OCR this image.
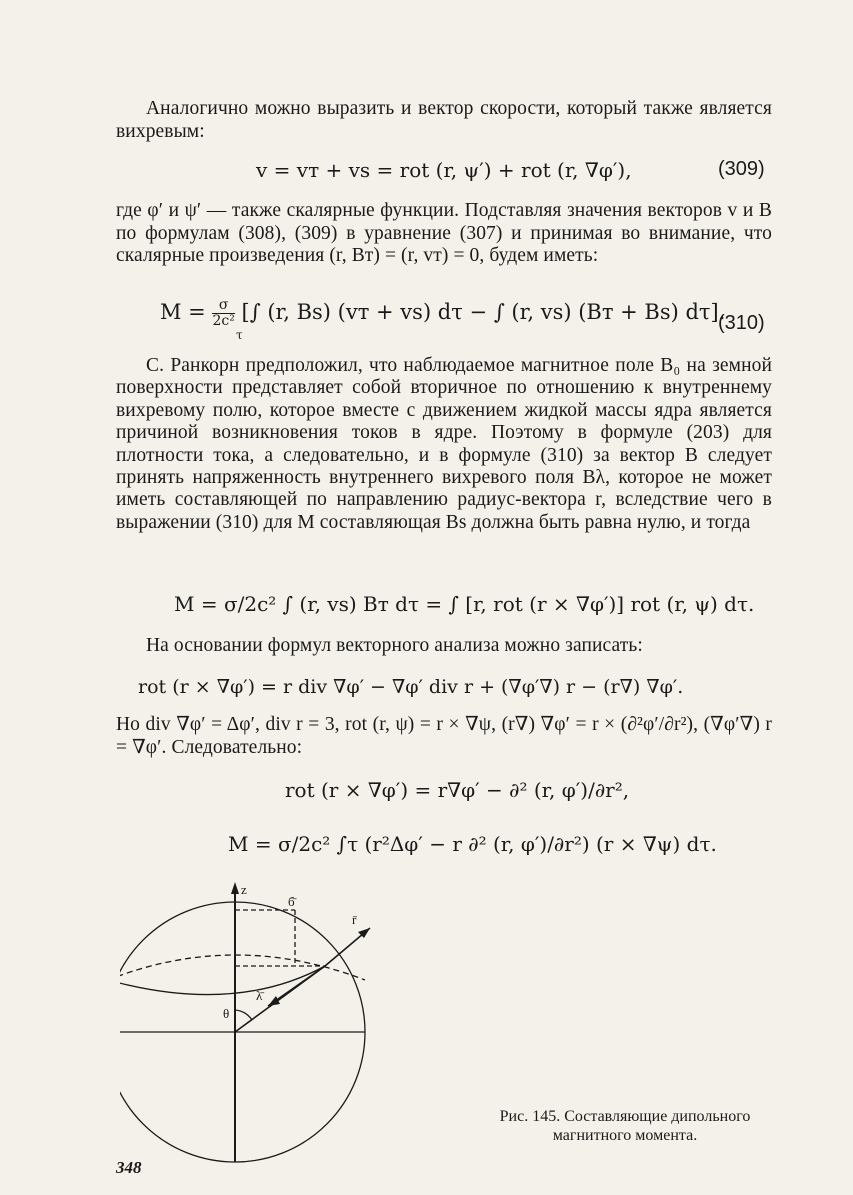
Аналогично можно выразить и вектор скорости, который также является вихревым:

v = vт + vs = rot (r, ψ′) + rot (r, ∇φ′),	(309)

где φ′ и ψ′ — также скалярные функции. Подставляя значения векторов v и B по формулам (308), (309) в уравнение (307) и принимая во внимание, что скалярные произведения (r, Bт) = (r, vт) = 0, будем иметь:

$M = \frac{\sigma}{\text{2c²}}$ [∫ (r, Bs) (vт + vs) dτ − ∫ (r, vs) (Bт + Bs) dτ].
τ
(310)

С. Ранкорн предположил, что наблюдаемое магнитное поле B₀ на земной поверхности представляет собой вторичное по отношению к внутреннему вихревому полю, которое вместе с движением жидкой массы ядра является причиной возникновения токов в ядре. Поэтому в формуле (203) для плотности тока, а следовательно, и в формуле (310) за вектор B следует принять напряженность внутреннего вихревого поля Bλ, которое не может иметь составляющей по направлению радиус-вектора r, вследствие чего в выражении (310) для M составляющая Bs должна быть равна нулю, и тогда

M = σ/2c² ∫ (r, vs) Bт dτ = ∫ [r, rot (r × ∇φ′)] rot (r, ψ) dτ.

На основании формул векторного анализа можно записать:

rot (r × ∇φ′) = r div ∇φ′ − ∇φ′ div r + (∇φ′∇) r − (r∇) ∇φ′.

Но div ∇φ′ = Δφ′, div r = 3, rot (r, ψ) = r × ∇ψ, (r∇) ∇φ′ = r × (∂²φ′/∂r²), (∇φ′∇) r = ∇φ′. Следовательно:

rot (r × ∇φ′) = r∇φ′ − ∂² (r, φ′)/∂r²,
M = σ/2c² ∫τ (r²Δφ′ − r ∂² (r, φ′)/∂r²) (r × ∇ψ) dτ.
z
б̄
r̄
λ̄
θ
Рис. 145. Составляющие дипольного
магнитного момента.
348
